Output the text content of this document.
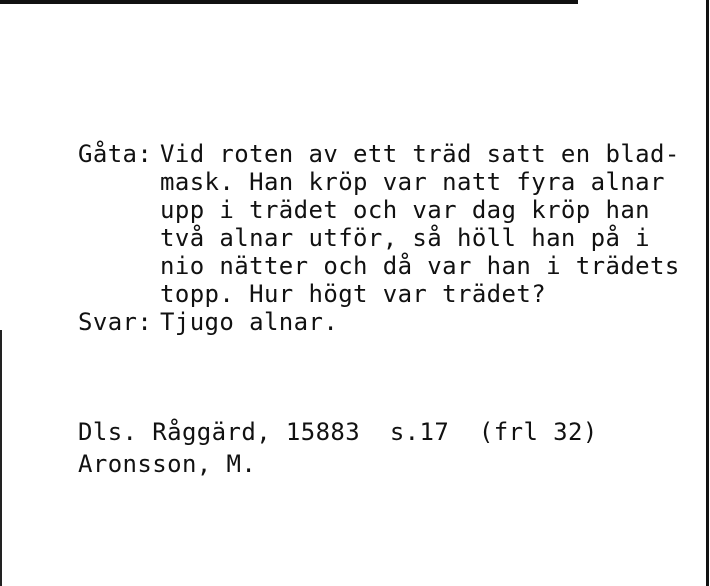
Gåta: Vid roten av ett träd satt en blad-

mask. Han kröp var natt fyra alnar

upp i trädet och var dag kröp han

två alnar utför, så höll han på i

nio nätter och då var han i trädets

topp. Hur högt var trädet?

Svar: Tjugo alnar.

Dls. Råggärd, 15883  s.17  (frl 32)

Aronsson, M.
